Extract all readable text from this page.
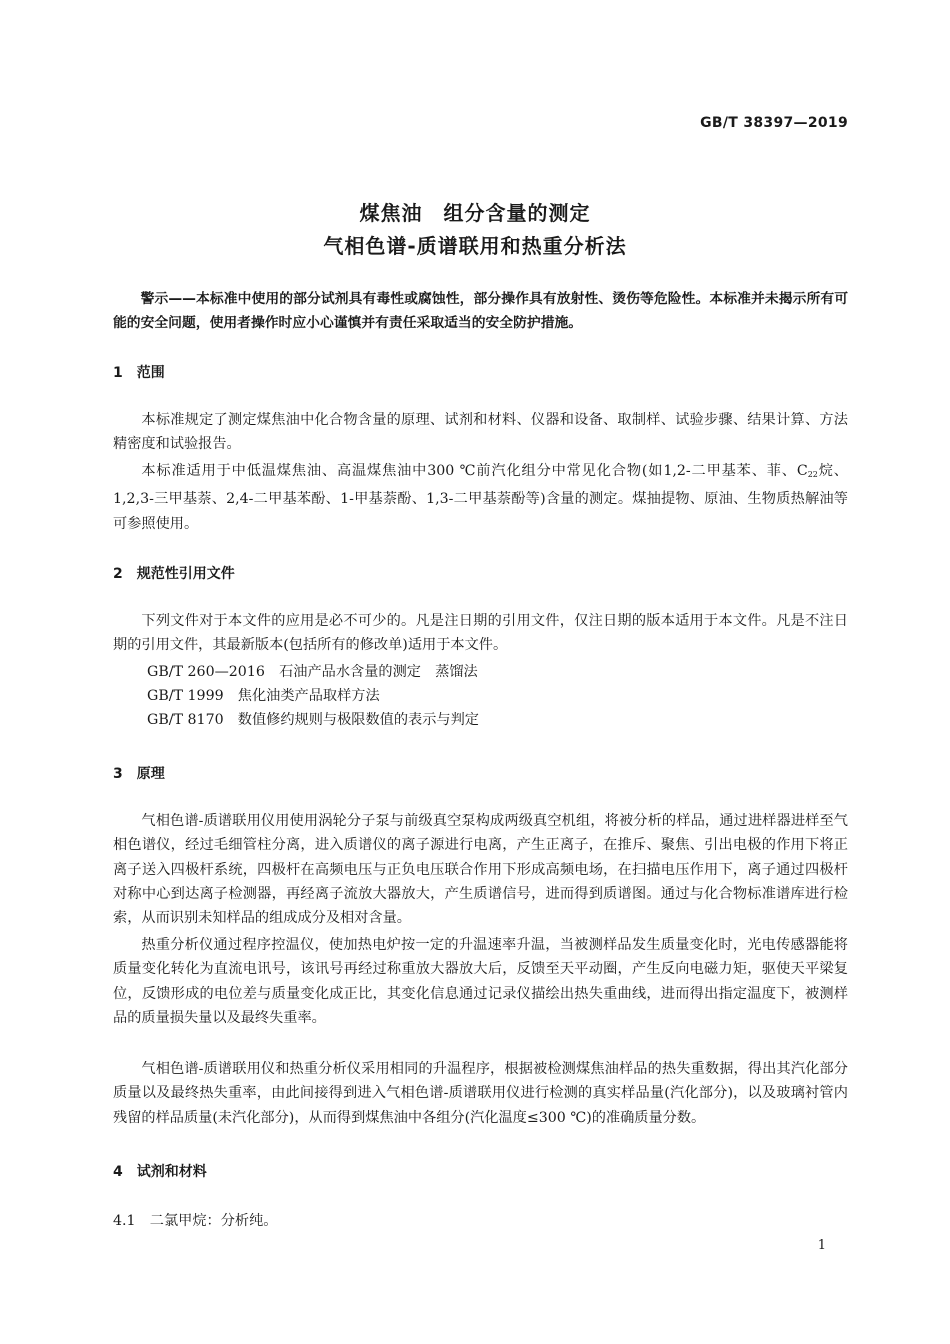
GB/T 38397—2019
煤焦油　组分含量的测定
气相色谱-质谱联用和热重分析法
警示——本标准中使用的部分试剂具有毒性或腐蚀性，部分操作具有放射性、烫伤等危险性。本标准并未揭示所有可能的安全问题，使用者操作时应小心谨慎并有责任采取适当的安全防护措施。
1　范围
本标准规定了测定煤焦油中化合物含量的原理、试剂和材料、仪器和设备、取制样、试验步骤、结果计算、方法精密度和试验报告。
本标准适用于中低温煤焦油、高温煤焦油中300 ℃前汽化组分中常见化合物(如1,2-二甲基苯、菲、$C_{22}$烷、1,2,3-三甲基萘、2,4-二甲基苯酚、1-甲基萘酚、1,3-二甲基萘酚等)含量的测定。煤抽提物、原油、生物质热解油等可参照使用。
2　规范性引用文件
下列文件对于本文件的应用是必不可少的。凡是注日期的引用文件，仅注日期的版本适用于本文件。凡是不注日期的引用文件，其最新版本(包括所有的修改单)适用于本文件。
GB/T 260—2016　石油产品水含量的测定　蒸馏法
GB/T 1999　焦化油类产品取样方法
GB/T 8170　数值修约规则与极限数值的表示与判定
3　原理
气相色谱-质谱联用仪用使用涡轮分子泵与前级真空泵构成两级真空机组，将被分析的样品，通过进样器进样至气相色谱仪，经过毛细管柱分离，进入质谱仪的离子源进行电离，产生正离子，在推斥、聚焦、引出电极的作用下将正离子送入四极杆系统，四极杆在高频电压与正负电压联合作用下形成高频电场，在扫描电压作用下，离子通过四极杆对称中心到达离子检测器，再经离子流放大器放大，产生质谱信号，进而得到质谱图。通过与化合物标准谱库进行检索，从而识别未知样品的组成成分及相对含量。
热重分析仪通过程序控温仪，使加热电炉按一定的升温速率升温，当被测样品发生质量变化时，光电传感器能将质量变化转化为直流电讯号，该讯号再经过称重放大器放大后，反馈至天平动圈，产生反向电磁力矩，驱使天平梁复位，反馈形成的电位差与质量变化成正比，其变化信息通过记录仪描绘出热失重曲线，进而得出指定温度下，被测样品的质量损失量以及最终失重率。
气相色谱-质谱联用仪和热重分析仪采用相同的升温程序，根据被检测煤焦油样品的热失重数据，得出其汽化部分质量以及最终热失重率，由此间接得到进入气相色谱-质谱联用仪进行检测的真实样品量(汽化部分)，以及玻璃衬管内残留的样品质量(未汽化部分)，从而得到煤焦油中各组分(汽化温度≤300 ℃)的准确质量分数。
4　试剂和材料
4.1　二氯甲烷：分析纯。
1
